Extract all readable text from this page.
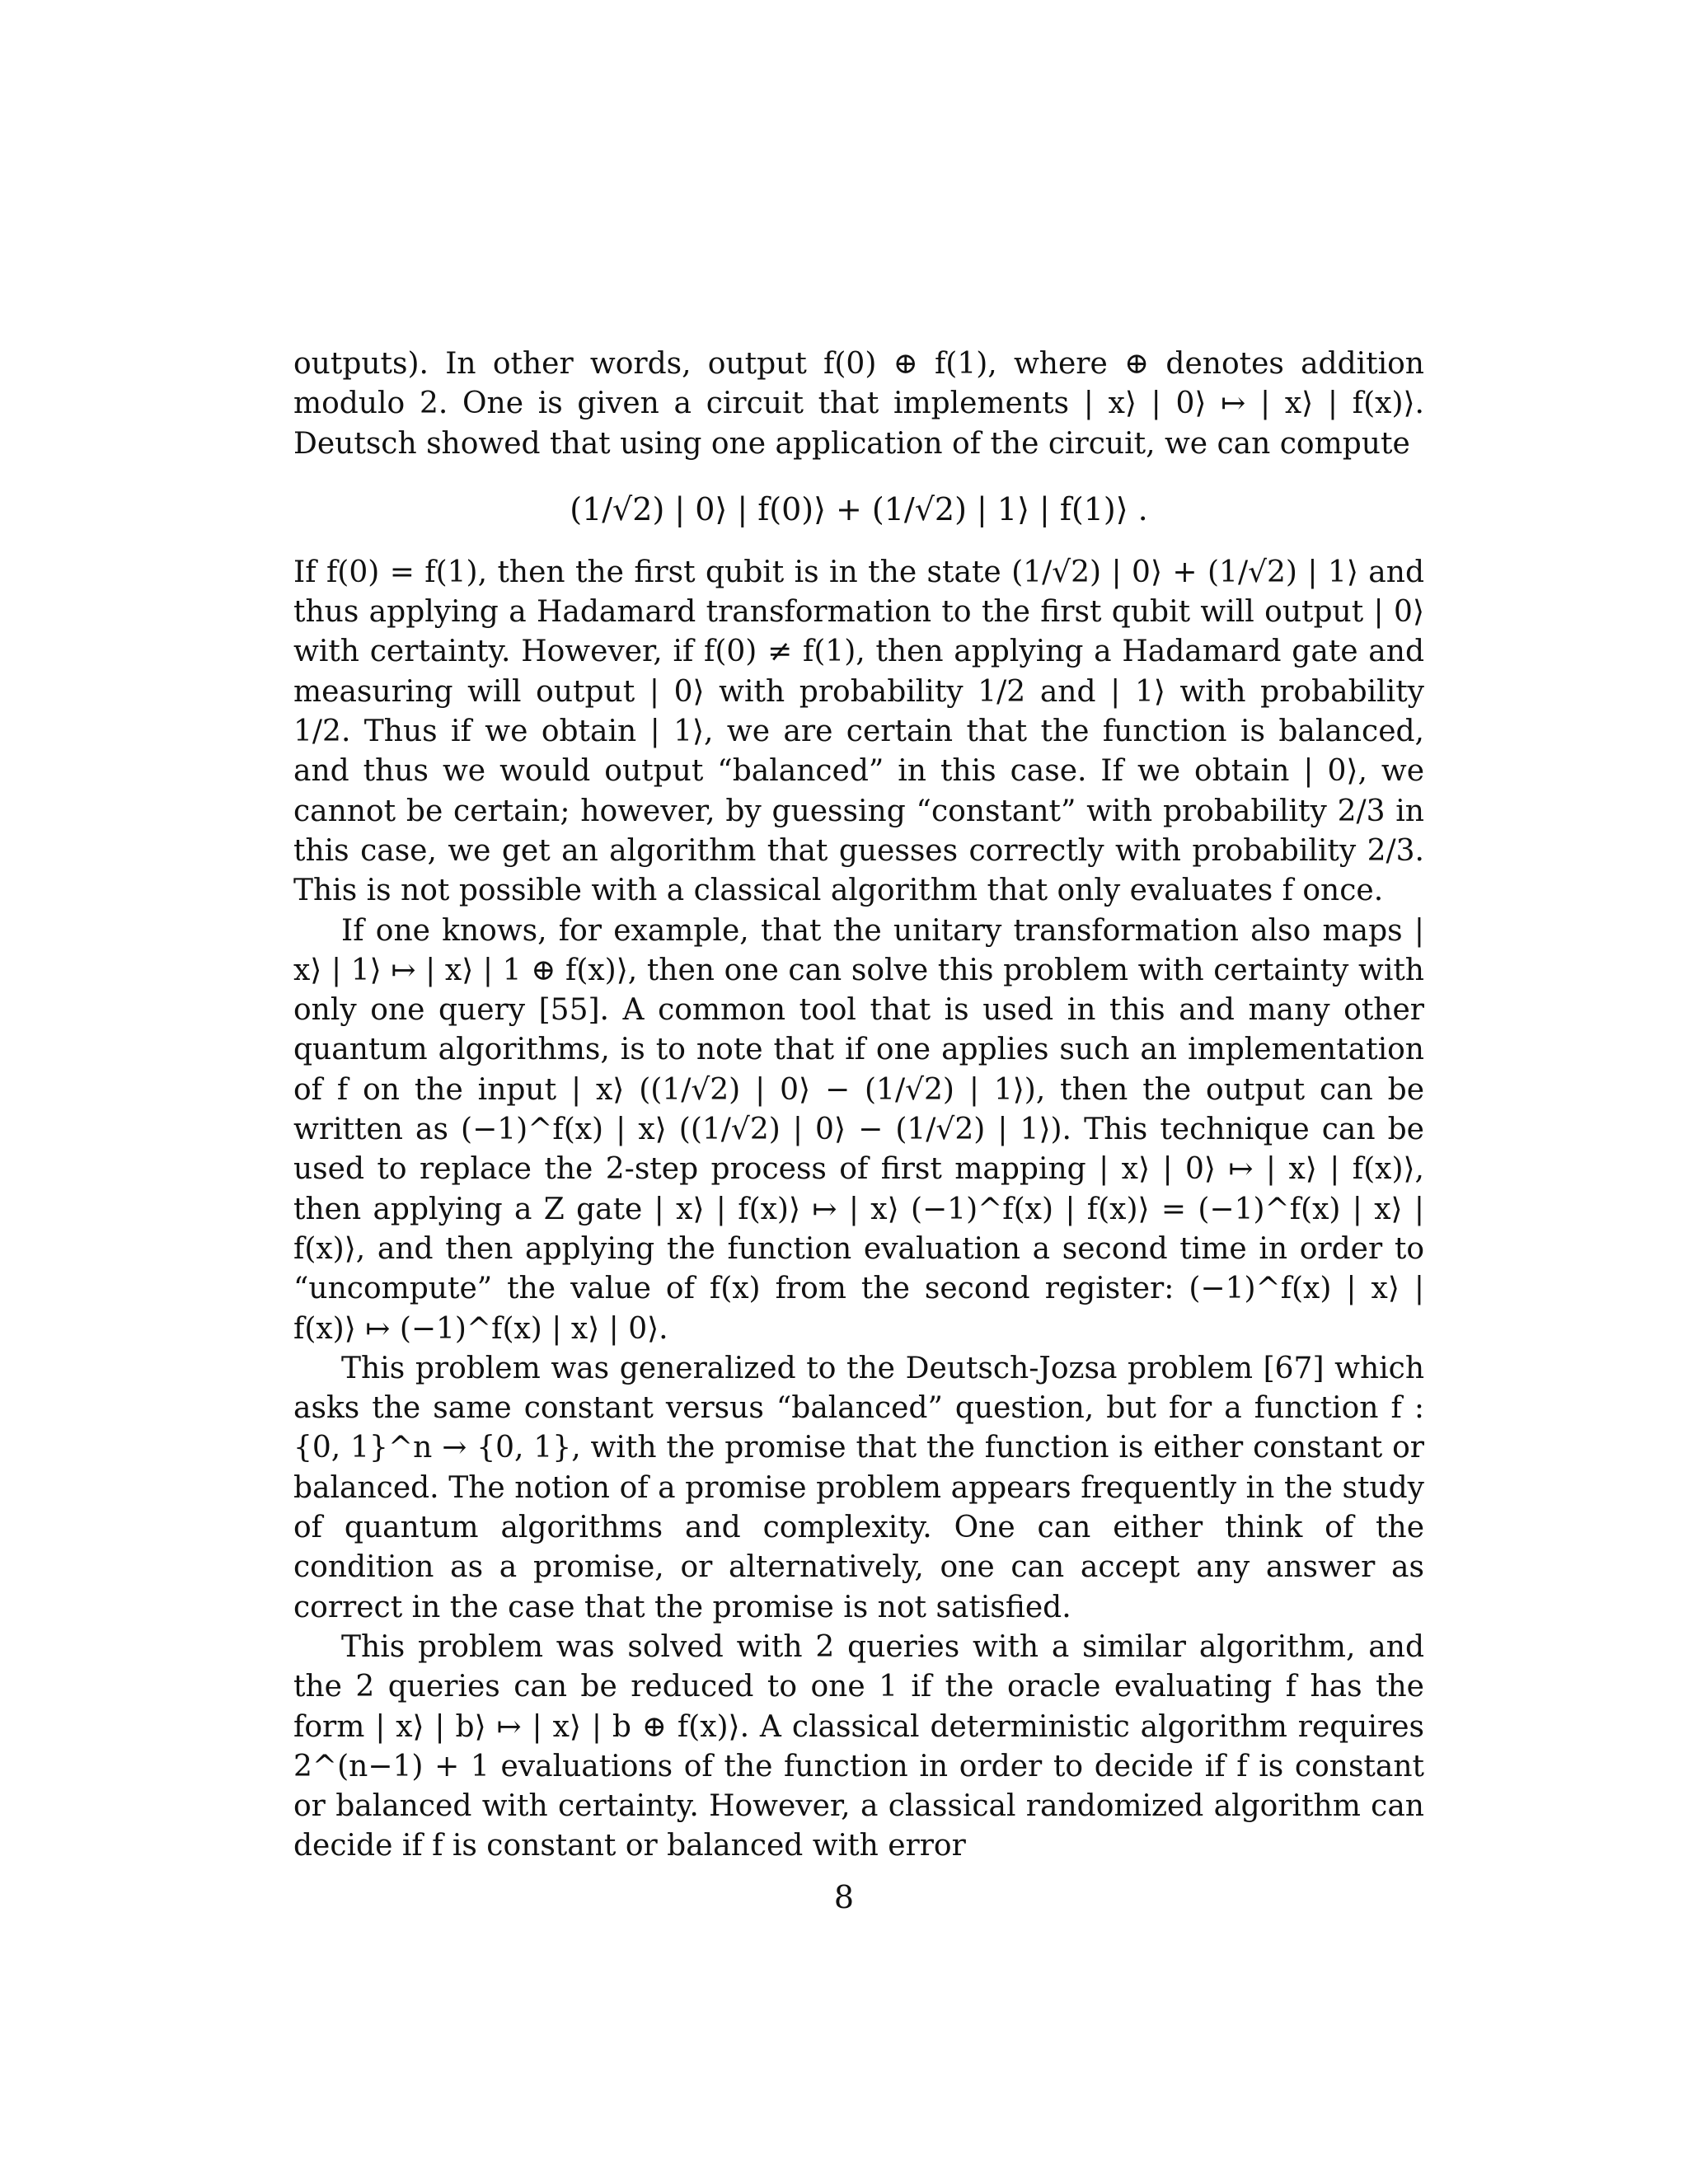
outputs). In other words, output f(0) ⊕ f(1), where ⊕ denotes addition modulo 2. One is given a circuit that implements | x⟩ | 0⟩ ↦ | x⟩ | f(x)⟩. Deutsch showed that using one application of the circuit, we can compute

(1/√2) | 0⟩ | f(0)⟩ + (1/√2) | 1⟩ | f(1)⟩ .

If f(0) = f(1), then the first qubit is in the state (1/√2) | 0⟩ + (1/√2) | 1⟩ and thus applying a Hadamard transformation to the first qubit will output | 0⟩ with certainty. However, if f(0) ≠ f(1), then applying a Hadamard gate and measuring will output | 0⟩ with probability 1/2 and | 1⟩ with probability 1/2. Thus if we obtain | 1⟩, we are certain that the function is balanced, and thus we would output “balanced” in this case. If we obtain | 0⟩, we cannot be certain; however, by guessing “constant” with probability 2/3 in this case, we get an algorithm that guesses correctly with probability 2/3. This is not possible with a classical algorithm that only evaluates f once.

If one knows, for example, that the unitary transformation also maps | x⟩ | 1⟩ ↦ | x⟩ | 1 ⊕ f(x)⟩, then one can solve this problem with certainty with only one query [55]. A common tool that is used in this and many other quantum algorithms, is to note that if one applies such an implementation of f on the input | x⟩ ((1/√2) | 0⟩ − (1/√2) | 1⟩), then the output can be written as (−1)^f(x) | x⟩ ((1/√2) | 0⟩ − (1/√2) | 1⟩). This technique can be used to replace the 2-step process of first mapping | x⟩ | 0⟩ ↦ | x⟩ | f(x)⟩, then applying a Z gate | x⟩ | f(x)⟩ ↦ | x⟩ (−1)^f(x) | f(x)⟩ = (−1)^f(x) | x⟩ | f(x)⟩, and then applying the function evaluation a second time in order to “uncompute” the value of f(x) from the second register: (−1)^f(x) | x⟩ | f(x)⟩ ↦ (−1)^f(x) | x⟩ | 0⟩.

This problem was generalized to the Deutsch-Jozsa problem [67] which asks the same constant versus “balanced” question, but for a function f : {0, 1}^n → {0, 1}, with the promise that the function is either constant or balanced. The notion of a promise problem appears frequently in the study of quantum algorithms and complexity. One can either think of the condition as a promise, or alternatively, one can accept any answer as correct in the case that the promise is not satisfied.

This problem was solved with 2 queries with a similar algorithm, and the 2 queries can be reduced to one 1 if the oracle evaluating f has the form | x⟩ | b⟩ ↦ | x⟩ | b ⊕ f(x)⟩. A classical deterministic algorithm requires 2^(n−1) + 1 evaluations of the function in order to decide if f is constant or balanced with certainty. However, a classical randomized algorithm can decide if f is constant or balanced with error

8
